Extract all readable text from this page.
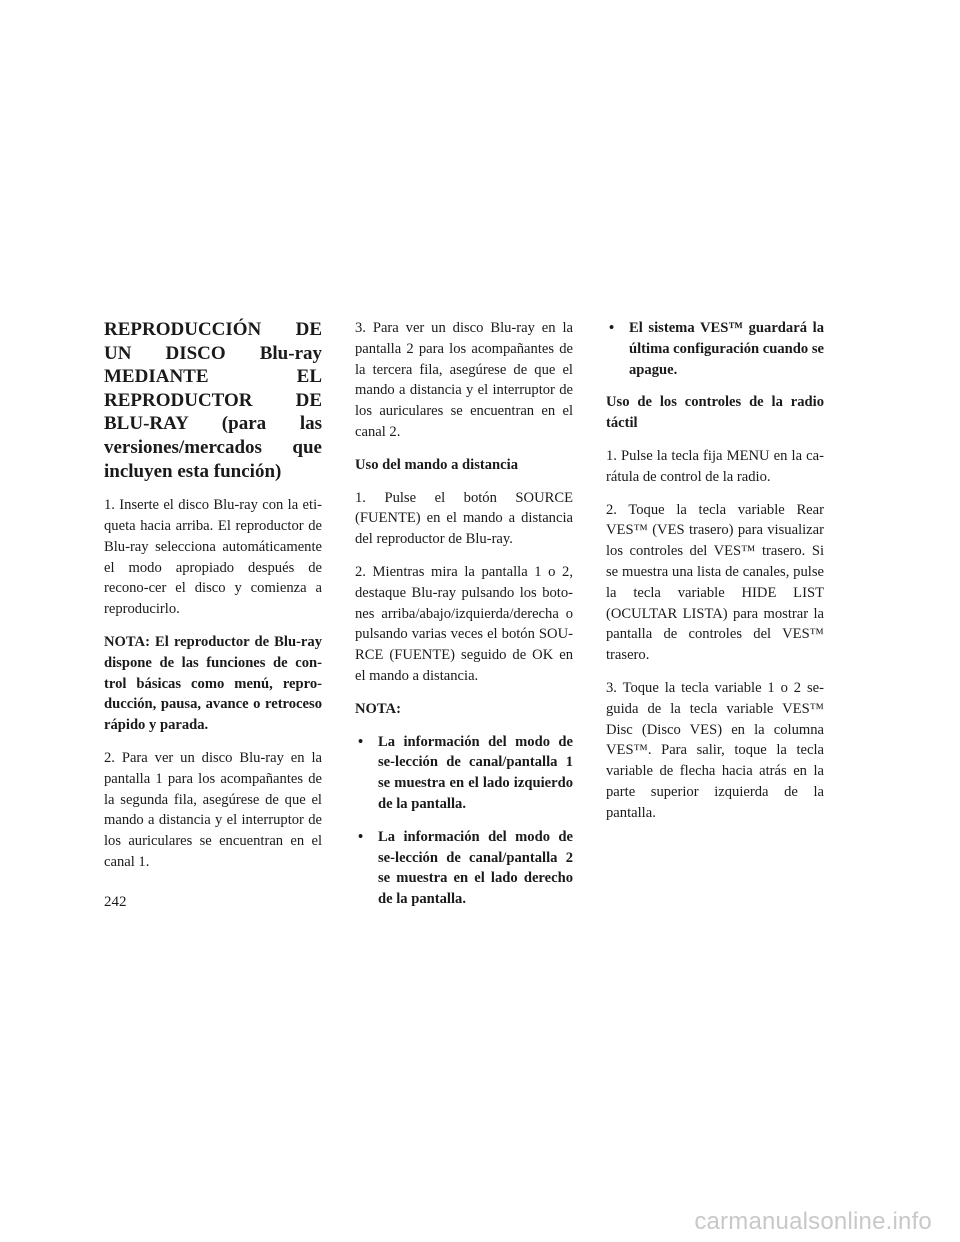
REPRODUCCIÓN DE UN DISCO Blu-ray MEDIANTE EL REPRODUCTOR DE BLU-RAY (para las versiones/mercados que incluyen esta función)

1. Inserte el disco Blu-ray con la eti-queta hacia arriba. El reproductor de Blu-ray selecciona automáticamente el modo apropiado después de recono-cer el disco y comienza a reproducirlo.

NOTA: El reproductor de Blu-ray dispone de las funciones de con-trol básicas como menú, repro-ducción, pausa, avance o retroceso rápido y parada.

2. Para ver un disco Blu-ray en la pantalla 1 para los acompañantes de la segunda fila, asegúrese de que el mando a distancia y el interruptor de los auriculares se encuentran en el canal 1.

3. Para ver un disco Blu-ray en la pantalla 2 para los acompañantes de la tercera fila, asegúrese de que el mando a distancia y el interruptor de los auriculares se encuentran en el canal 2.

Uso del mando a distancia

1. Pulse el botón SOURCE (FUENTE) en el mando a distancia del reproductor de Blu-ray.

2. Mientras mira la pantalla 1 o 2, destaque Blu-ray pulsando los boto-nes arriba/abajo/izquierda/derecha o pulsando varias veces el botón SOU-RCE (FUENTE) seguido de OK en el mando a distancia.

NOTA:

• La información del modo de se-lección de canal/pantalla 1 se muestra en el lado izquierdo de la pantalla.
• La información del modo de se-lección de canal/pantalla 2 se muestra en el lado derecho de la pantalla.
• El sistema VES™ guardará la última configuración cuando se apague.

Uso de los controles de la radio táctil

1. Pulse la tecla fija MENU en la ca-rátula de control de la radio.

2. Toque la tecla variable Rear VES™ (VES trasero) para visualizar los controles del VES™ trasero. Si se muestra una lista de canales, pulse la tecla variable HIDE LIST (OCULTAR LISTA) para mostrar la pantalla de controles del VES™ trasero.

3. Toque la tecla variable 1 o 2 se-guida de la tecla variable VES™ Disc (Disco VES) en la columna VES™. Para salir, toque la tecla variable de flecha hacia atrás en la parte superior izquierda de la pantalla.

242
carmanualsonline.info
